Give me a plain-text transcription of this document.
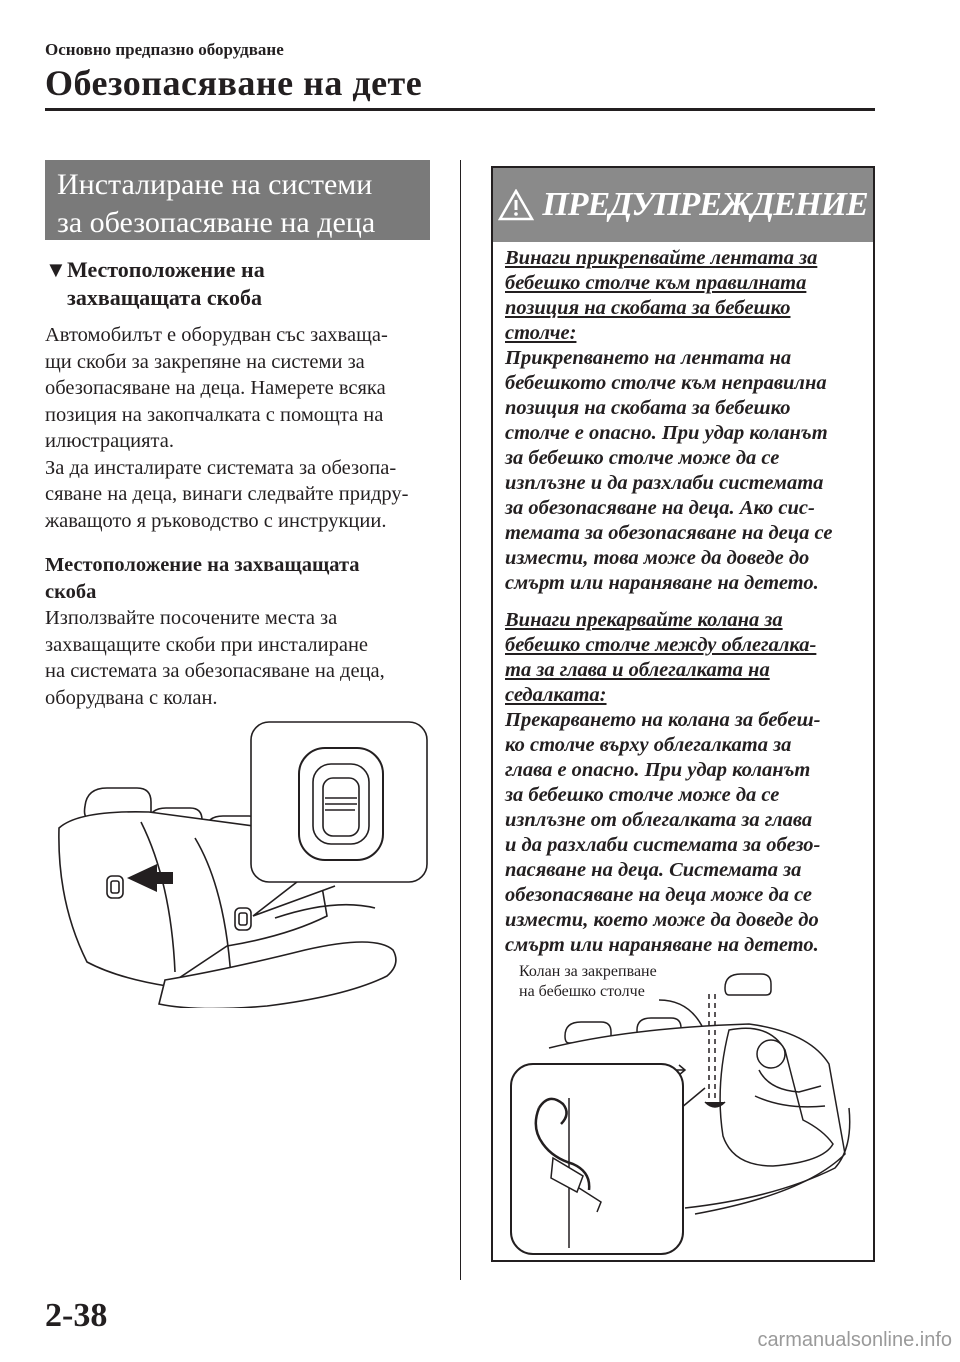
Основно предпазно оборудване
Обезопасяване на дете
Инсталиране на системи
за обезопасяване на деца
▼Местоположение на
захващащата скоба

Автомобилът е оборудван със захваща-

щи скоби за закрепяне на системи за

обезопасяване на деца. Намерете всяка

позиция на закопчалката с помощта на

илюстрацията.

За да инсталирате системата за обезопа-

сяване на деца, винаги следвайте придру-

жаващото я ръководство с инструкции.

Местоположение на захващащата

скоба

Използвайте посочените места за

захващащите скоби при инсталиране

на системата за обезопасяване на деца,

оборудвана с колан.

ПРЕДУПРЕЖДЕНИЕ

Винаги прикрепвайте лентата за
бебешко столче към правилната
позиция на скобата за бебешко
столче:

Прикрепването на лентата на
бебешкото столче към неправилна
позиция на скобата за бебешко
столче е опасно. При удар коланът
за бебешко столче може да се
изплъзне и да разхлаби системата
за обезопасяване на деца. Ако сис-
темата за обезопасяване на деца се
измести, това може да доведе до
смърт или нараняване на детето.

Винаги прекарвайте колана за
бебешко столче между облегалка-
та за глава и облегалката на
седалката:

Прекарването на колана за бебеш-
ко столче върху облегалката за
глава е опасно. При удар коланът
за бебешко столче може да се
изплъзне от облегалката за глава
и да разхлаби системата за обезо-
пасяване на деца. Системата за
обезопасяване на деца може да се
измести, което може да доведе до
смърт или нараняване на детето.

Колан за закрепване
на бебешко столче
2-38
carmanualsonline.info
